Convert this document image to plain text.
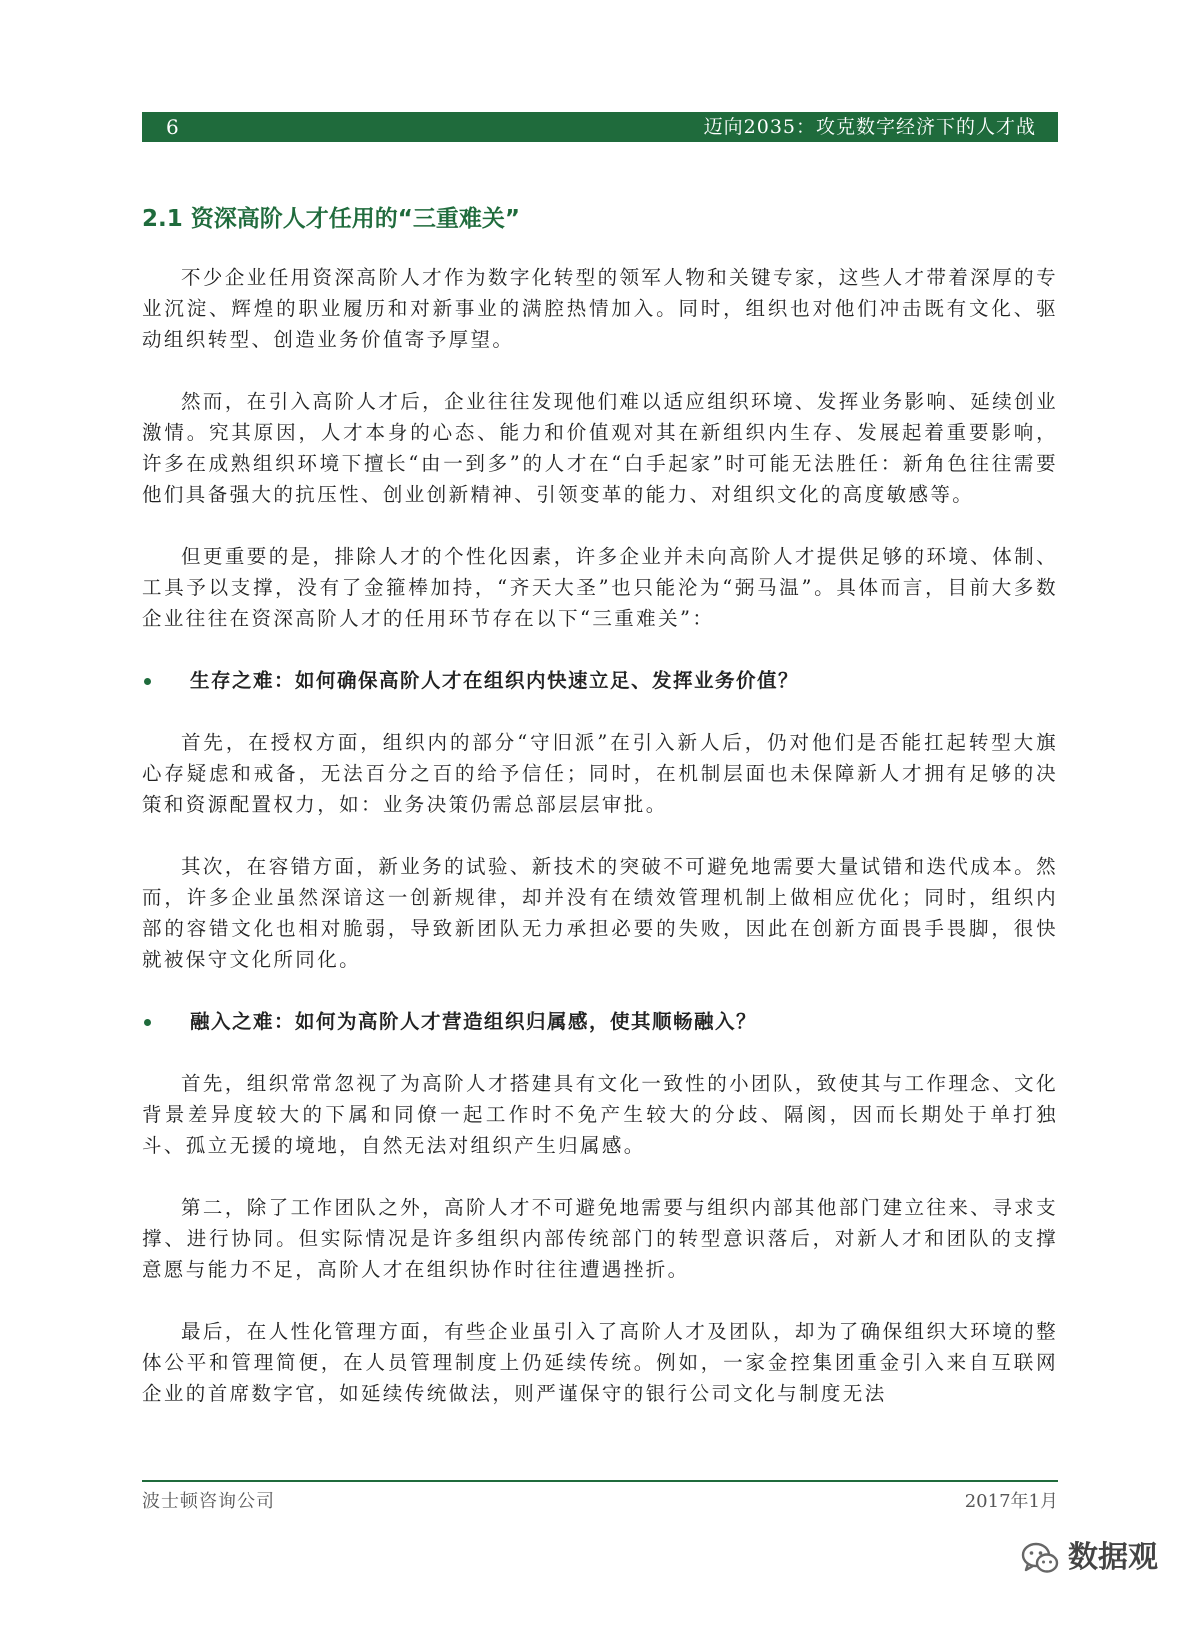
6	迈向2035：攻克数字经济下的人才战
2.1 资深高阶人才任用的“三重难关”
不少企业任用资深高阶人才作为数字化转型的领军人物和关键专家，这些人才带着深厚的专业沉淀、辉煌的职业履历和对新事业的满腔热情加入。同时，组织也对他们冲击既有文化、驱动组织转型、创造业务价值寄予厚望。
然而，在引入高阶人才后，企业往往发现他们难以适应组织环境、发挥业务影响、延续创业激情。究其原因，人才本身的心态、能力和价值观对其在新组织内生存、发展起着重要影响，许多在成熟组织环境下擅长“由一到多”的人才在“白手起家”时可能无法胜任：新角色往往需要他们具备强大的抗压性、创业创新精神、引领变革的能力、对组织文化的高度敏感等。
但更重要的是，排除人才的个性化因素，许多企业并未向高阶人才提供足够的环境、体制、工具予以支撑，没有了金箍棒加持，“齐天大圣”也只能沦为“弼马温”。具体而言，目前大多数企业往往在资深高阶人才的任用环节存在以下“三重难关”：
生存之难：如何确保高阶人才在组织内快速立足、发挥业务价值？
首先，在授权方面，组织内的部分“守旧派”在引入新人后，仍对他们是否能扛起转型大旗心存疑虑和戒备，无法百分之百的给予信任；同时，在机制层面也未保障新人才拥有足够的决策和资源配置权力，如：业务决策仍需总部层层审批。
其次，在容错方面，新业务的试验、新技术的突破不可避免地需要大量试错和迭代成本。然而，许多企业虽然深谙这一创新规律，却并没有在绩效管理机制上做相应优化；同时，组织内部的容错文化也相对脆弱，导致新团队无力承担必要的失败，因此在创新方面畏手畏脚，很快就被保守文化所同化。
融入之难：如何为高阶人才营造组织归属感，使其顺畅融入？
首先，组织常常忽视了为高阶人才搭建具有文化一致性的小团队，致使其与工作理念、文化背景差异度较大的下属和同僚一起工作时不免产生较大的分歧、隔阂，因而长期处于单打独斗、孤立无援的境地，自然无法对组织产生归属感。
第二，除了工作团队之外，高阶人才不可避免地需要与组织内部其他部门建立往来、寻求支撑、进行协同。但实际情况是许多组织内部传统部门的转型意识落后，对新人才和团队的支撑意愿与能力不足，高阶人才在组织协作时往往遭遇挫折。
最后，在人性化管理方面，有些企业虽引入了高阶人才及团队，却为了确保组织大环境的整体公平和管理简便，在人员管理制度上仍延续传统。例如，一家金控集团重金引入来自互联网企业的首席数字官，如延续传统做法，则严谨保守的银行公司文化与制度无法
波士顿咨询公司	2017年1月
数据观
